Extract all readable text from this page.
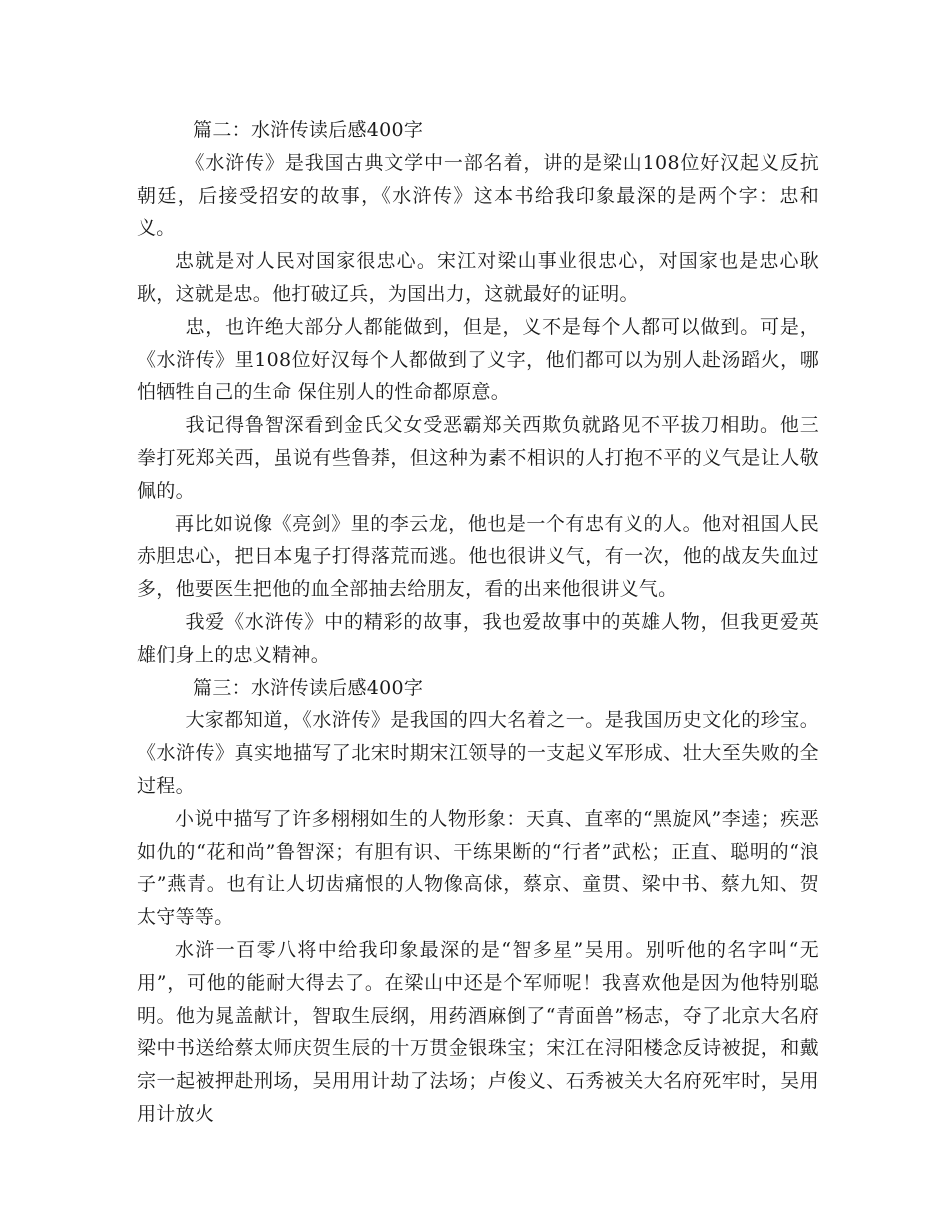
篇二：水浒传读后感400字

《水浒传》是我国古典文学中一部名着，讲的是梁山108位好汉起义反抗朝廷，后接受招安的故事，《水浒传》这本书给我印象最深的是两个字：忠和义。

忠就是对人民对国家很忠心。宋江对梁山事业很忠心，对国家也是忠心耿耿，这就是忠。他打破辽兵，为国出力，这就最好的证明。

忠，也许绝大部分人都能做到，但是，义不是每个人都可以做到。可是，《水浒传》里108位好汉每个人都做到了义字，他们都可以为别人赴汤蹈火，哪怕牺牲自己的生命 保住别人的性命都原意。

我记得鲁智深看到金氏父女受恶霸郑关西欺负就路见不平拔刀相助。他三拳打死郑关西，虽说有些鲁莽，但这种为素不相识的人打抱不平的义气是让人敬佩的。

再比如说像《亮剑》里的李云龙，他也是一个有忠有义的人。他对祖国人民赤胆忠心，把日本鬼子打得落荒而逃。他也很讲义气，有一次，他的战友失血过多，他要医生把他的血全部抽去给朋友，看的出来他很讲义气。

我爱《水浒传》中的精彩的故事，我也爱故事中的英雄人物，但我更爱英雄们身上的忠义精神。

篇三：水浒传读后感400字

大家都知道，《水浒传》是我国的四大名着之一。是我国历史文化的珍宝。《水浒传》真实地描写了北宋时期宋江领导的一支起义军形成、壮大至失败的全过程。

小说中描写了许多栩栩如生的人物形象：天真、直率的“黑旋风”李逵；疾恶如仇的“花和尚”鲁智深；有胆有识、干练果断的“行者”武松；正直、聪明的“浪子”燕青。也有让人切齿痛恨的人物像高俅，蔡京、童贯、梁中书、蔡九知、贺太守等等。

水浒一百零八将中给我印象最深的是“智多星”吴用。别听他的名字叫“无用”，可他的能耐大得去了。在梁山中还是个军师呢！我喜欢他是因为他特别聪明。他为晁盖献计，智取生辰纲，用药酒麻倒了“青面兽”杨志，夺了北京大名府梁中书送给蔡太师庆贺生辰的十万贯金银珠宝；宋江在浔阳楼念反诗被捉，和戴宗一起被押赴刑场，吴用用计劫了法场；卢俊义、石秀被关大名府死牢时，吴用用计放火
